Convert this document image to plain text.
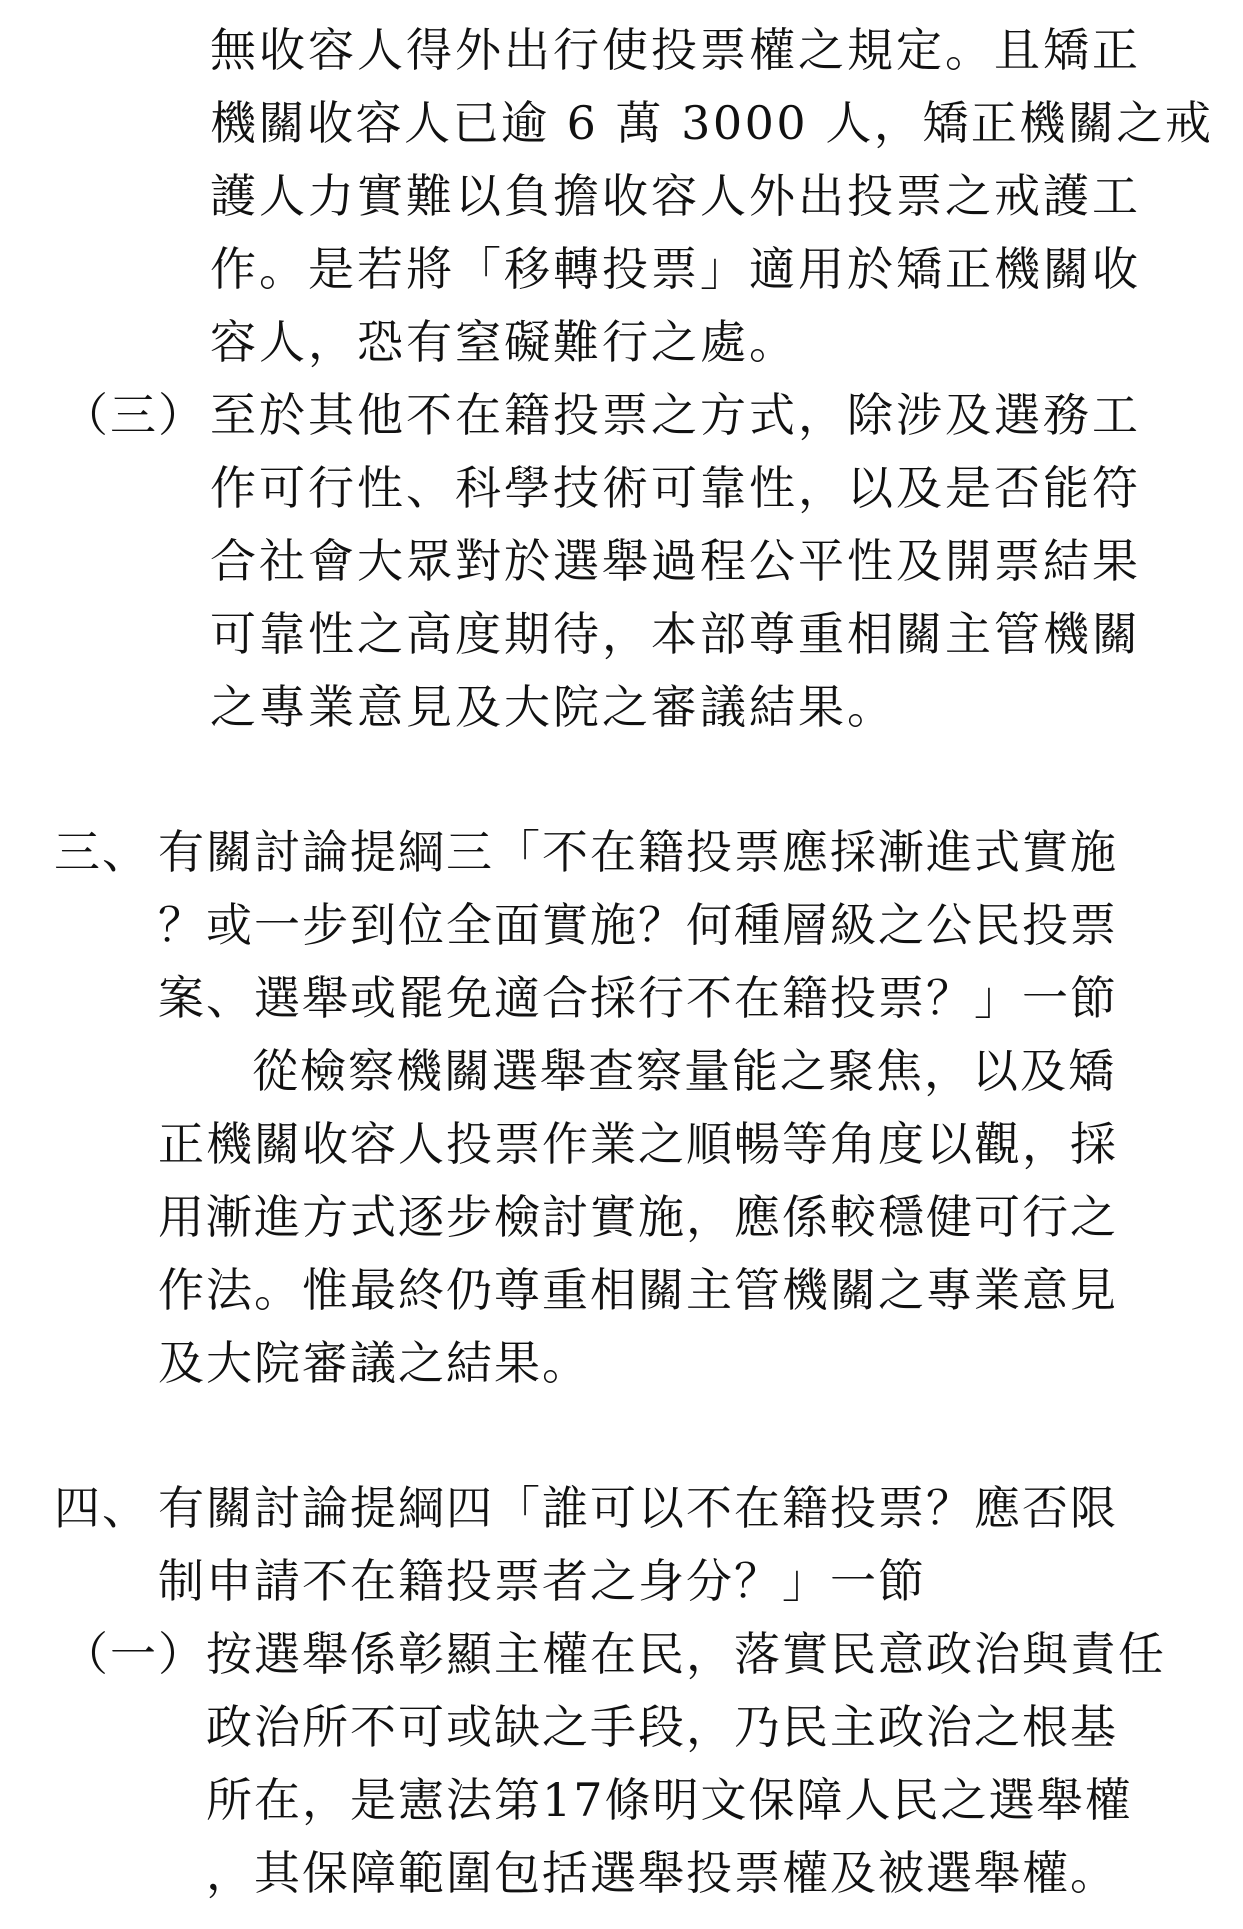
無收容人得外出行使投票權之規定。且矯正
機關收容人已逾 6 萬 3000 人，矯正機關之戒
護人力實難以負擔收容人外出投票之戒護工
作。是若將「移轉投票」適用於矯正機關收
容人，恐有窒礙難行之處。
（三） 至於其他不在籍投票之方式，除涉及選務工
作可行性、科學技術可靠性，以及是否能符
合社會大眾對於選舉過程公平性及開票結果
可靠性之高度期待，本部尊重相關主管機關
之專業意見及大院之審議結果。
三、 有關討論提綱三「不在籍投票應採漸進式實施
？或一步到位全面實施？何種層級之公民投票
案、選舉或罷免適合採行不在籍投票？」一節
從檢察機關選舉查察量能之聚焦，以及矯
正機關收容人投票作業之順暢等角度以觀，採
用漸進方式逐步檢討實施，應係較穩健可行之
作法。惟最終仍尊重相關主管機關之專業意見
及大院審議之結果。
四、 有關討論提綱四「誰可以不在籍投票？應否限
制申請不在籍投票者之身分？」一節
（一） 按選舉係彰顯主權在民，落實民意政治與責任
政治所不可或缺之手段，乃民主政治之根基
所在，是憲法第17條明文保障人民之選舉權
，其保障範圍包括選舉投票權及被選舉權。
